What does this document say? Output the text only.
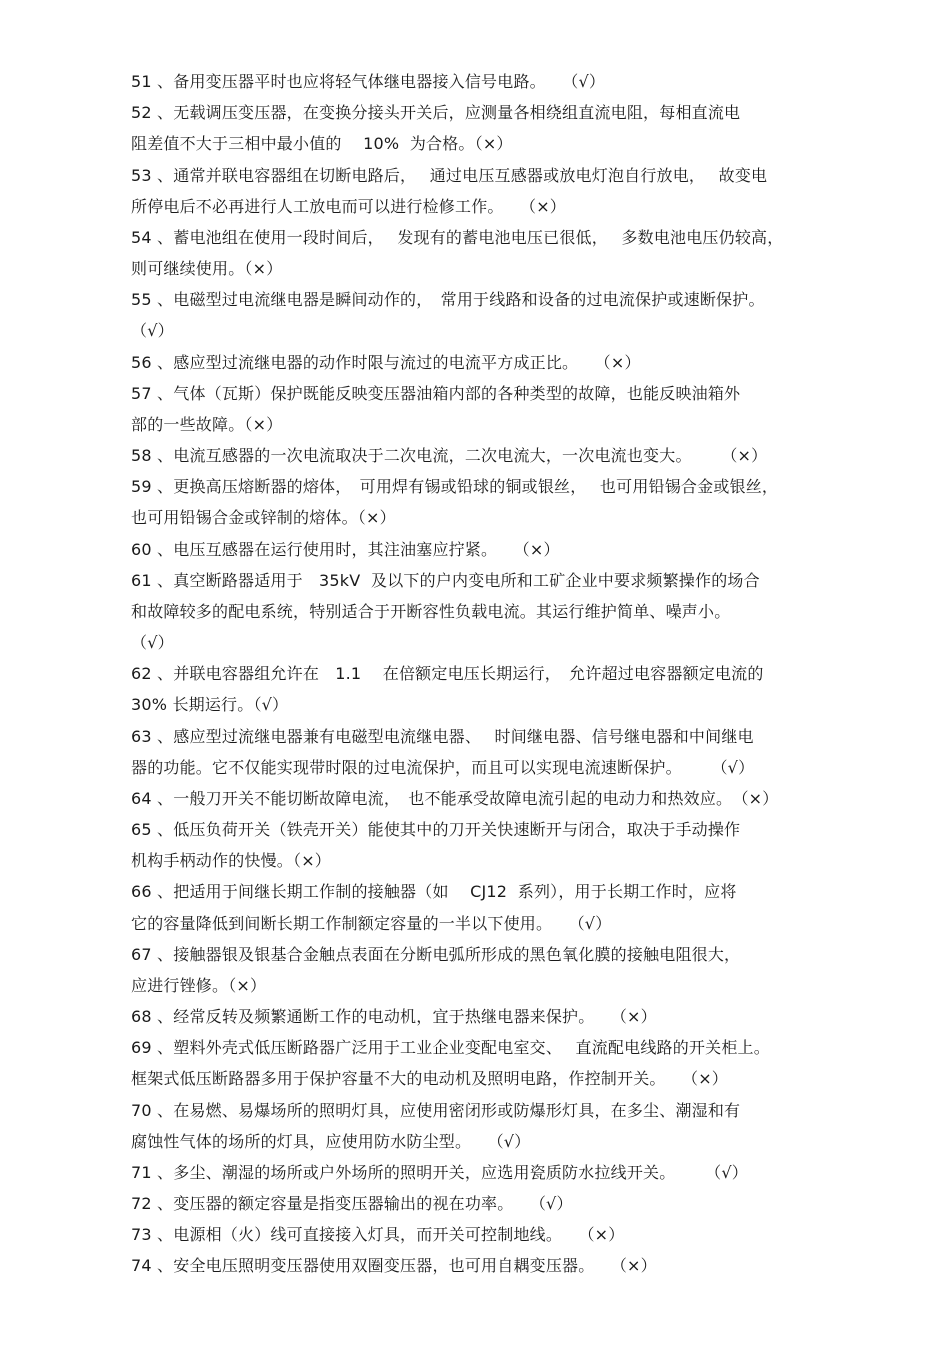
51 、备用变压器平时也应将轻气体继电器接入信号电路。　　（√）
52 、无载调压变压器，在变换分接头开关后，应测量各相绕组直流电阻，每相直流电
阻差值不大于三相中最小值的　 10%  为合格。（×）
53 、通常并联电容器组在切断电路后，　 通过电压互感器或放电灯泡自行放电，　 故变电
所停电后不必再进行人工放电而可以进行检修工作。　　（×）
54 、蓄电池组在使用一段时间后，　 发现有的蓄电池电压已很低，　 多数电池电压仍较高，
则可继续使用。（×）
55 、电磁型过电流继电器是瞬间动作的，　常用于线路和设备的过电流保护或速断保护。
（√）
56 、感应型过流继电器的动作时限与流过的电流平方成正比。　　（×）
57 、气体（瓦斯）保护既能反映变压器油箱内部的各种类型的故障，也能反映油箱外
部的一些故障。（×）
58 、电流互感器的一次电流取决于二次电流，二次电流大，一次电流也变大。　　 （×）
59 、更换高压熔断器的熔体，　可用焊有锡或铅球的铜或银丝，　 也可用铅锡合金或银丝，
也可用铅锡合金或锌制的熔体。（×）
60 、电压互感器在运行使用时，其注油塞应拧紧。　　（×）
61 、真空断路器适用于　35kV  及以下的户内变电所和工矿企业中要求频繁操作的场合
和故障较多的配电系统，特别适合于开断容性负载电流。其运行维护简单、噪声小。
（√）
62 、并联电容器组允许在　1.1　 在倍额定电压长期运行，　允许超过电容器额定电流的
30% 长期运行。（√）
63 、感应型过流继电器兼有电磁型电流继电器、　 时间继电器、信号继电器和中间继电
器的功能。它不仅能实现带时限的过电流保护，而且可以实现电流速断保护。　　 （√）
64 、一般刀开关不能切断故障电流，　也不能承受故障电流引起的电动力和热效应。　（×）
65 、低压负荷开关（铁壳开关）能使其中的刀开关快速断开与闭合，取决于手动操作
机构手柄动作的快慢。（×）
66 、把适用于间继长期工作制的接触器（如　 CJ12  系列），用于长期工作时，应将
它的容量降低到间断长期工作制额定容量的一半以下使用。　　（√）
67 、接触器银及银基合金触点表面在分断电弧所形成的黑色氧化膜的接触电阻很大，
应进行锉修。（×）
68 、经常反转及频繁通断工作的电动机，宜于热继电器来保护。　　（×）
69 、塑料外壳式低压断路器广泛用于工业企业变配电室交、　 直流配电线路的开关柜上。
框架式低压断路器多用于保护容量不大的电动机及照明电路，作控制开关。　　（×）
70 、在易燃、易爆场所的照明灯具，应使用密闭形或防爆形灯具，在多尘、潮湿和有
腐蚀性气体的场所的灯具，应使用防水防尘型。　　（√）
71 、多尘、潮湿的场所或户外场所的照明开关，应选用瓷质防水拉线开关。　　 （√）
72 、变压器的额定容量是指变压器输出的视在功率。　　（√）
73 、电源相（火）线可直接接入灯具，而开关可控制地线。　　（×）
74 、安全电压照明变压器使用双圈变压器，也可用自耦变压器。　　（×）
